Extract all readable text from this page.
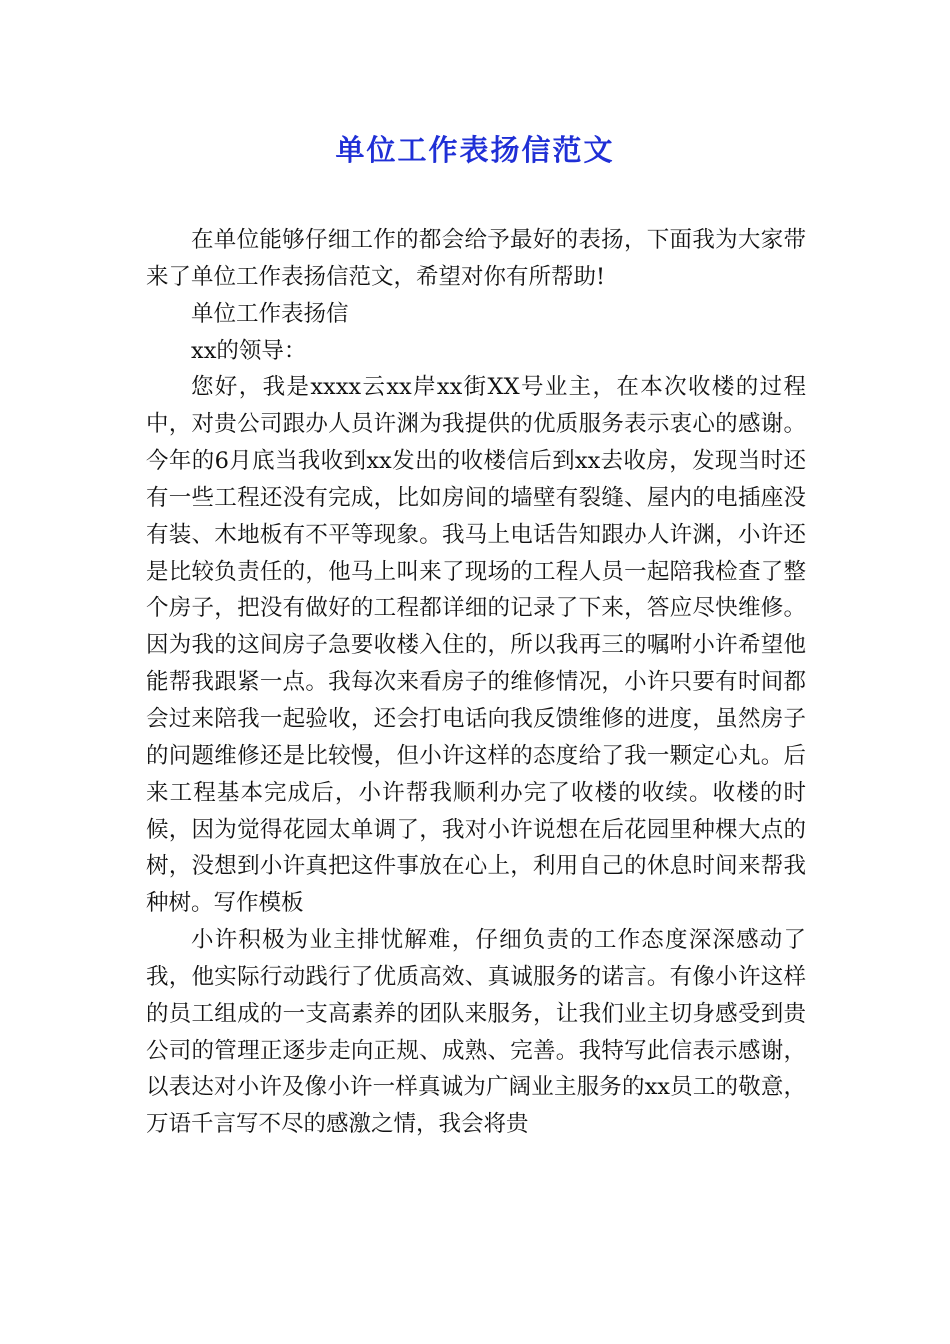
单位工作表扬信范文

在单位能够仔细工作的都会给予最好的表扬，下面我为大家带来了单位工作表扬信范文，希望对你有所帮助!

单位工作表扬信

xx的领导：

您好，我是xxxx云xx岸xx街XX号业主，在本次收楼的过程中，对贵公司跟办人员许渊为我提供的优质服务表示衷心的感谢。今年的6月底当我收到xx发出的收楼信后到xx去收房，发现当时还有一些工程还没有完成，比如房间的墙壁有裂缝、屋内的电插座没有装、木地板有不平等现象。我马上电话告知跟办人许渊，小许还是比较负责任的，他马上叫来了现场的工程人员一起陪我检查了整个房子，把没有做好的工程都详细的记录了下来，答应尽快维修。因为我的这间房子急要收楼入住的，所以我再三的嘱咐小许希望他能帮我跟紧一点。我每次来看房子的维修情况，小许只要有时间都会过来陪我一起验收，还会打电话向我反馈维修的进度，虽然房子的问题维修还是比较慢，但小许这样的态度给了我一颗定心丸。后来工程基本完成后，小许帮我顺利办完了收楼的收续。收楼的时候，因为觉得花园太单调了，我对小许说想在后花园里种棵大点的树，没想到小许真把这件事放在心上，利用自己的休息时间来帮我种树。写作模板

小许积极为业主排忧解难，仔细负责的工作态度深深感动了我，他实际行动践行了优质高效、真诚服务的诺言。有像小许这样的员工组成的一支高素养的团队来服务，让我们业主切身感受到贵公司的管理正逐步走向正规、成熟、完善。我特写此信表示感谢，以表达对小许及像小许一样真诚为广阔业主服务的xx员工的敬意，万语千言写不尽的感激之情，我会将贵
